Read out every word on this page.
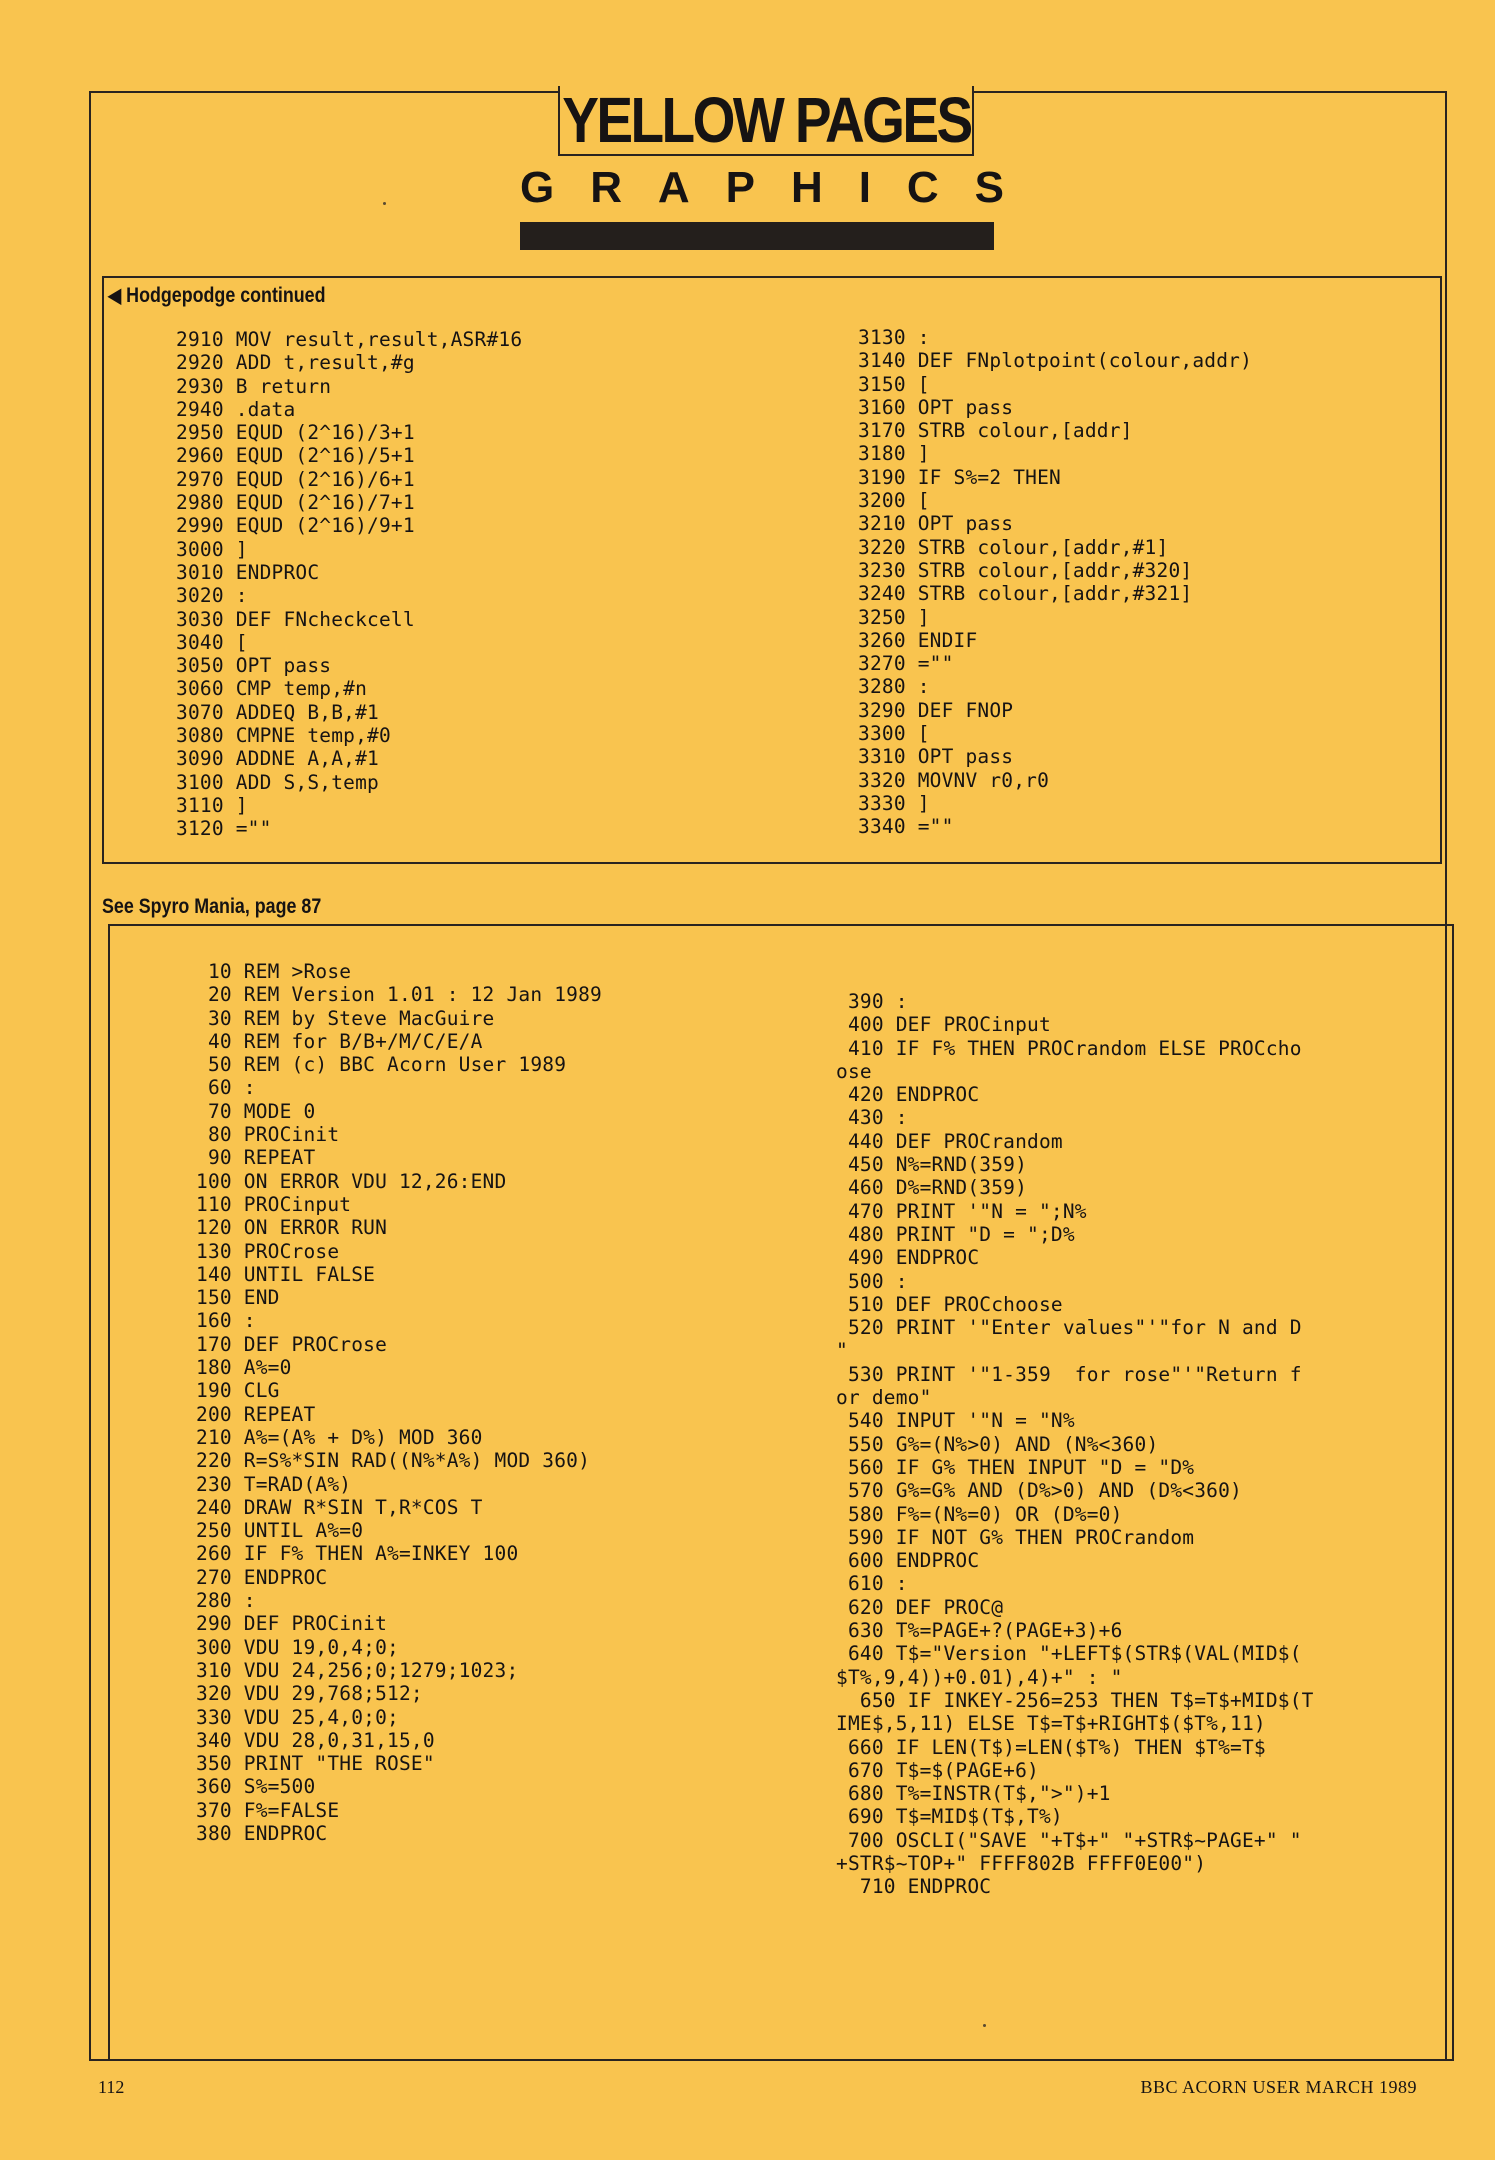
YELLOW PAGES
G R A P H I C S
◀ Hodgepodge continued
2910 MOV result,result,ASR#16
2920 ADD t,result,#g
2930 B return
2940 .data
2950 EQUD (2^16)/3+1
2960 EQUD (2^16)/5+1
2970 EQUD (2^16)/6+1
2980 EQUD (2^16)/7+1
2990 EQUD (2^16)/9+1
3000 ]
3010 ENDPROC
3020 :
3030 DEF FNcheckcell
3040 [
3050 OPT pass
3060 CMP temp,#n
3070 ADDEQ B,B,#1
3080 CMPNE temp,#0
3090 ADDNE A,A,#1
3100 ADD S,S,temp
3110 ]
3120 =""
3130 :
3140 DEF FNplotpoint(colour,addr)
3150 [
3160 OPT pass
3170 STRB colour,[addr]
3180 ]
3190 IF S%=2 THEN
3200 [
3210 OPT pass
3220 STRB colour,[addr,#1]
3230 STRB colour,[addr,#320]
3240 STRB colour,[addr,#321]
3250 ]
3260 ENDIF
3270 =""
3280 :
3290 DEF FNOP
3300 [
3310 OPT pass
3320 MOVNV r0,r0
3330 ]
3340 =""
See Spyro Mania, page 87
10 REM >Rose
20 REM Version 1.01 : 12 Jan 1989
30 REM by Steve MacGuire
40 REM for B/B+/M/C/E/A
50 REM (c) BBC Acorn User 1989
60 :
70 MODE 0
80 PROCinit
90 REPEAT
100 ON ERROR VDU 12,26:END
110 PROCinput
120 ON ERROR RUN
130 PROCrose
140 UNTIL FALSE
150 END
160 :
170 DEF PROCrose
180 A%=0
190 CLG
200 REPEAT
210 A%=(A% + D%) MOD 360
220 R=S%*SIN RAD((N%*A%) MOD 360)
230 T=RAD(A%)
240 DRAW R*SIN T,R*COS T
250 UNTIL A%=0
260 IF F% THEN A%=INKEY 100
270 ENDPROC
280 :
290 DEF PROCinit
300 VDU 19,0,4;0;
310 VDU 24,256;0;1279;1023;
320 VDU 29,768;512;
330 VDU 25,4,0;0;
340 VDU 28,0,31,15,0
350 PRINT "THE ROSE"
360 S%=500
370 F%=FALSE
380 ENDPROC
390 :
400 DEF PROCinput
410 IF F% THEN PROCrandom ELSE PROCcho
ose
420 ENDPROC
430 :
440 DEF PROCrandom
450 N%=RND(359)
460 D%=RND(359)
470 PRINT '"N = ";N%
480 PRINT "D = ";D%
490 ENDPROC
500 :
510 DEF PROCchoose
520 PRINT '"Enter values"'"for N and D
"
530 PRINT '"1-359  for rose"'"Return f
or demo"
540 INPUT '"N = "N%
550 G%=(N%>0) AND (N%<360)
560 IF G% THEN INPUT "D = "D%
570 G%=G% AND (D%>0) AND (D%<360)
580 F%=(N%=0) OR (D%=0)
590 IF NOT G% THEN PROCrandom
600 ENDPROC
610 :
620 DEF PROC@
630 T%=PAGE+?(PAGE+3)+6
640 T$="Version "+LEFT$(STR$(VAL(MID$(
$T%,9,4))+0.01),4)+" : "
650 IF INKEY-256=253 THEN T$=T$+MID$(T
IME$,5,11) ELSE T$=T$+RIGHT$($T%,11)
660 IF LEN(T$)=LEN($T%) THEN $T%=T$
670 T$=$(PAGE+6)
680 T%=INSTR(T$,">")+1
690 T$=MID$(T$,T%)
700 OSCLI("SAVE "+T$+" "+STR$~PAGE+" "
+STR$~TOP+" FFFF802B FFFF0E00")
710 ENDPROC
112	BBC ACORN USER MARCH 1989
